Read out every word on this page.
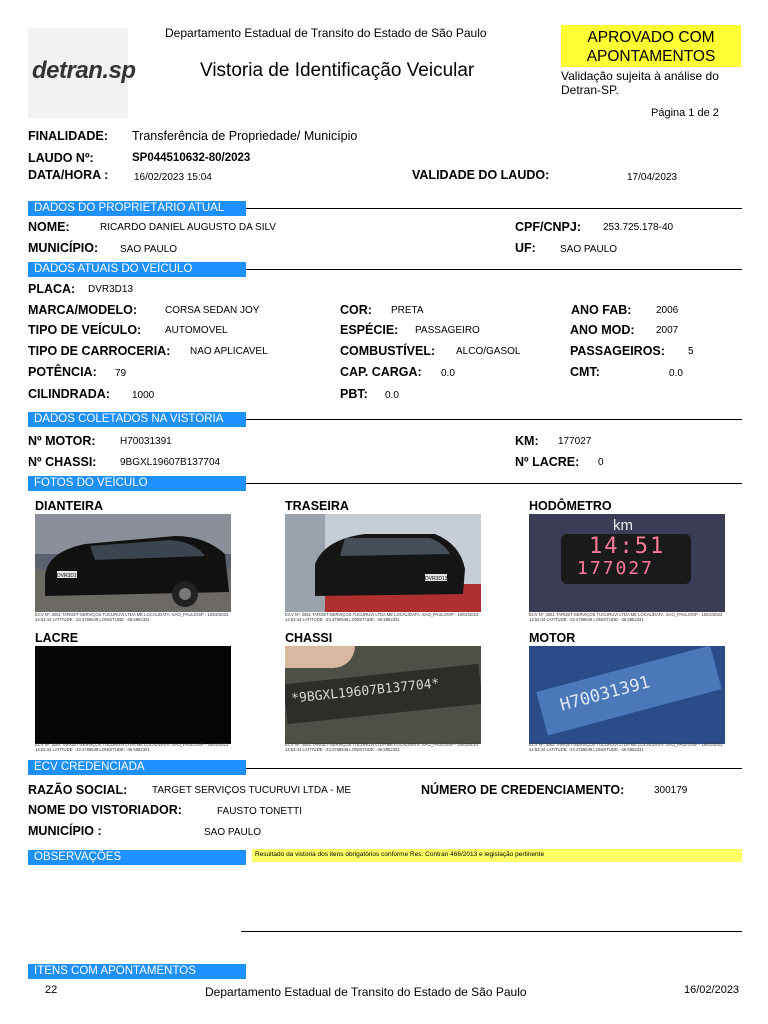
detran.sp
Departamento Estadual de Transito do Estado de São Paulo
Vistoria de Identificação Veicular
APROVADO COM APONTAMENTOS
Validação sujeita à análise do Detran-SP.
Página 1 de 2
FINALIDADE: Transferência de Propriedade/ Município
LAUDO Nº:	SP044510632-80/2023
DATA/HORA :	16/02/2023 15:04	VALIDADE DO LAUDO:	17/04/2023
DADOS DO PROPRIETÁRIO ATUAL
NOME:	RICARDO DANIEL AUGUSTO DA SILV	CPF/CNPJ: 253.725.178-40
MUNICÍPIO: SAO PAULO	UF: SAO PAULO
DADOS ATUAIS DO VEÍCULO
PLACA: DVR3D13
MARCA/MODELO:	CORSA SEDAN JOY	COR: PRETA	ANO FAB: 2006
TIPO DE VEÍCULO: AUTOMOVEL	ESPÉCIE: PASSAGEIRO	ANO MOD: 2007
TIPO DE CARROCERIA: NAO APLICAVEL	COMBUSTÍVEL: ALCO/GASOL	PASSAGEIROS: 5
POTÊNCIA: 79	CAP. CARGA: 0.0	CMT:	0.0
CILINDRADA: 1000	PBT: 0.0
DADOS COLETADOS NA VISTORIA
Nº MOTOR: H70031391	KM: 177027
Nº CHASSI: 9BGXL19607B137704	Nº LACRE: 0
FOTOS DO VEÍCULO
DIANTEIRA	TRASEIRA	HODÔMETRO
DVR3D13
ECV Nº: 3051 TARGET-SERVIÇOS TUCURUVI LTDA ME LOCAL/DATA: SAO_PAULO/SP - 16/02/2023 14:53:44 LATITUDE: -23.4769549 LONGITUDE: -46.5952331
DVR3D13
ECV Nº: 3051 TARGET-SERVIÇOS TUCURUVI LTDA ME LOCAL/DATA: SAO_PAULO/SP - 16/02/2023 14:53:44 LATITUDE: -23.4769549 LONGITUDE: -46.5952331
km
14:51
177027
ECV Nº: 3051 TARGET-SERVIÇOS TUCURUVI LTDA ME LOCAL/DATA: SAO_PAULO/SP - 16/02/2023 14:53:44 LATITUDE: -23.4769549 LONGITUDE: -46.5952331
LACRE	CHASSI	MOTOR
ECV Nº: 3051 TARGET-SERVIÇOS TUCURUVI LTDA ME LOCAL/DATA: SAO_PAULO/SP - 16/02/2023 14:53:44 LATITUDE: -23.4769549 LONGITUDE: -46.5952331
*9BGXL19607B137704*
ECV Nº: 3051 TARGET-SERVIÇOS TUCURUVI LTDA ME LOCAL/DATA: SAO_PAULO/SP - 16/02/2023 14:53:44 LATITUDE: -23.4769549 LONGITUDE: -46.5952331
H70031391
ECV Nº: 3051 TARGET-SERVIÇOS TUCURUVI LTDA ME LOCAL/DATA: SAO_PAULO/SP - 16/02/2023 14:53:44 LATITUDE: -23.4769549 LONGITUDE: -46.5952331
ECV CREDENCIADA
RAZÃO SOCIAL: TARGET SERVIÇOS TUCURUVI LTDA - ME	NÚMERO DE CREDENCIAMENTO:	300179
NOME DO VISTORIADOR:	FAUSTO TONETTI
MUNICÍPIO :	SAO PAULO
OBSERVAÇÕES	Resultado da vistoria dos itens obrigatórios conforme Res. Contran 466/2013 e legislação pertinente
ITENS COM APONTAMENTOS
22	Departamento Estadual de Transito do Estado de São Paulo	16/02/2023
